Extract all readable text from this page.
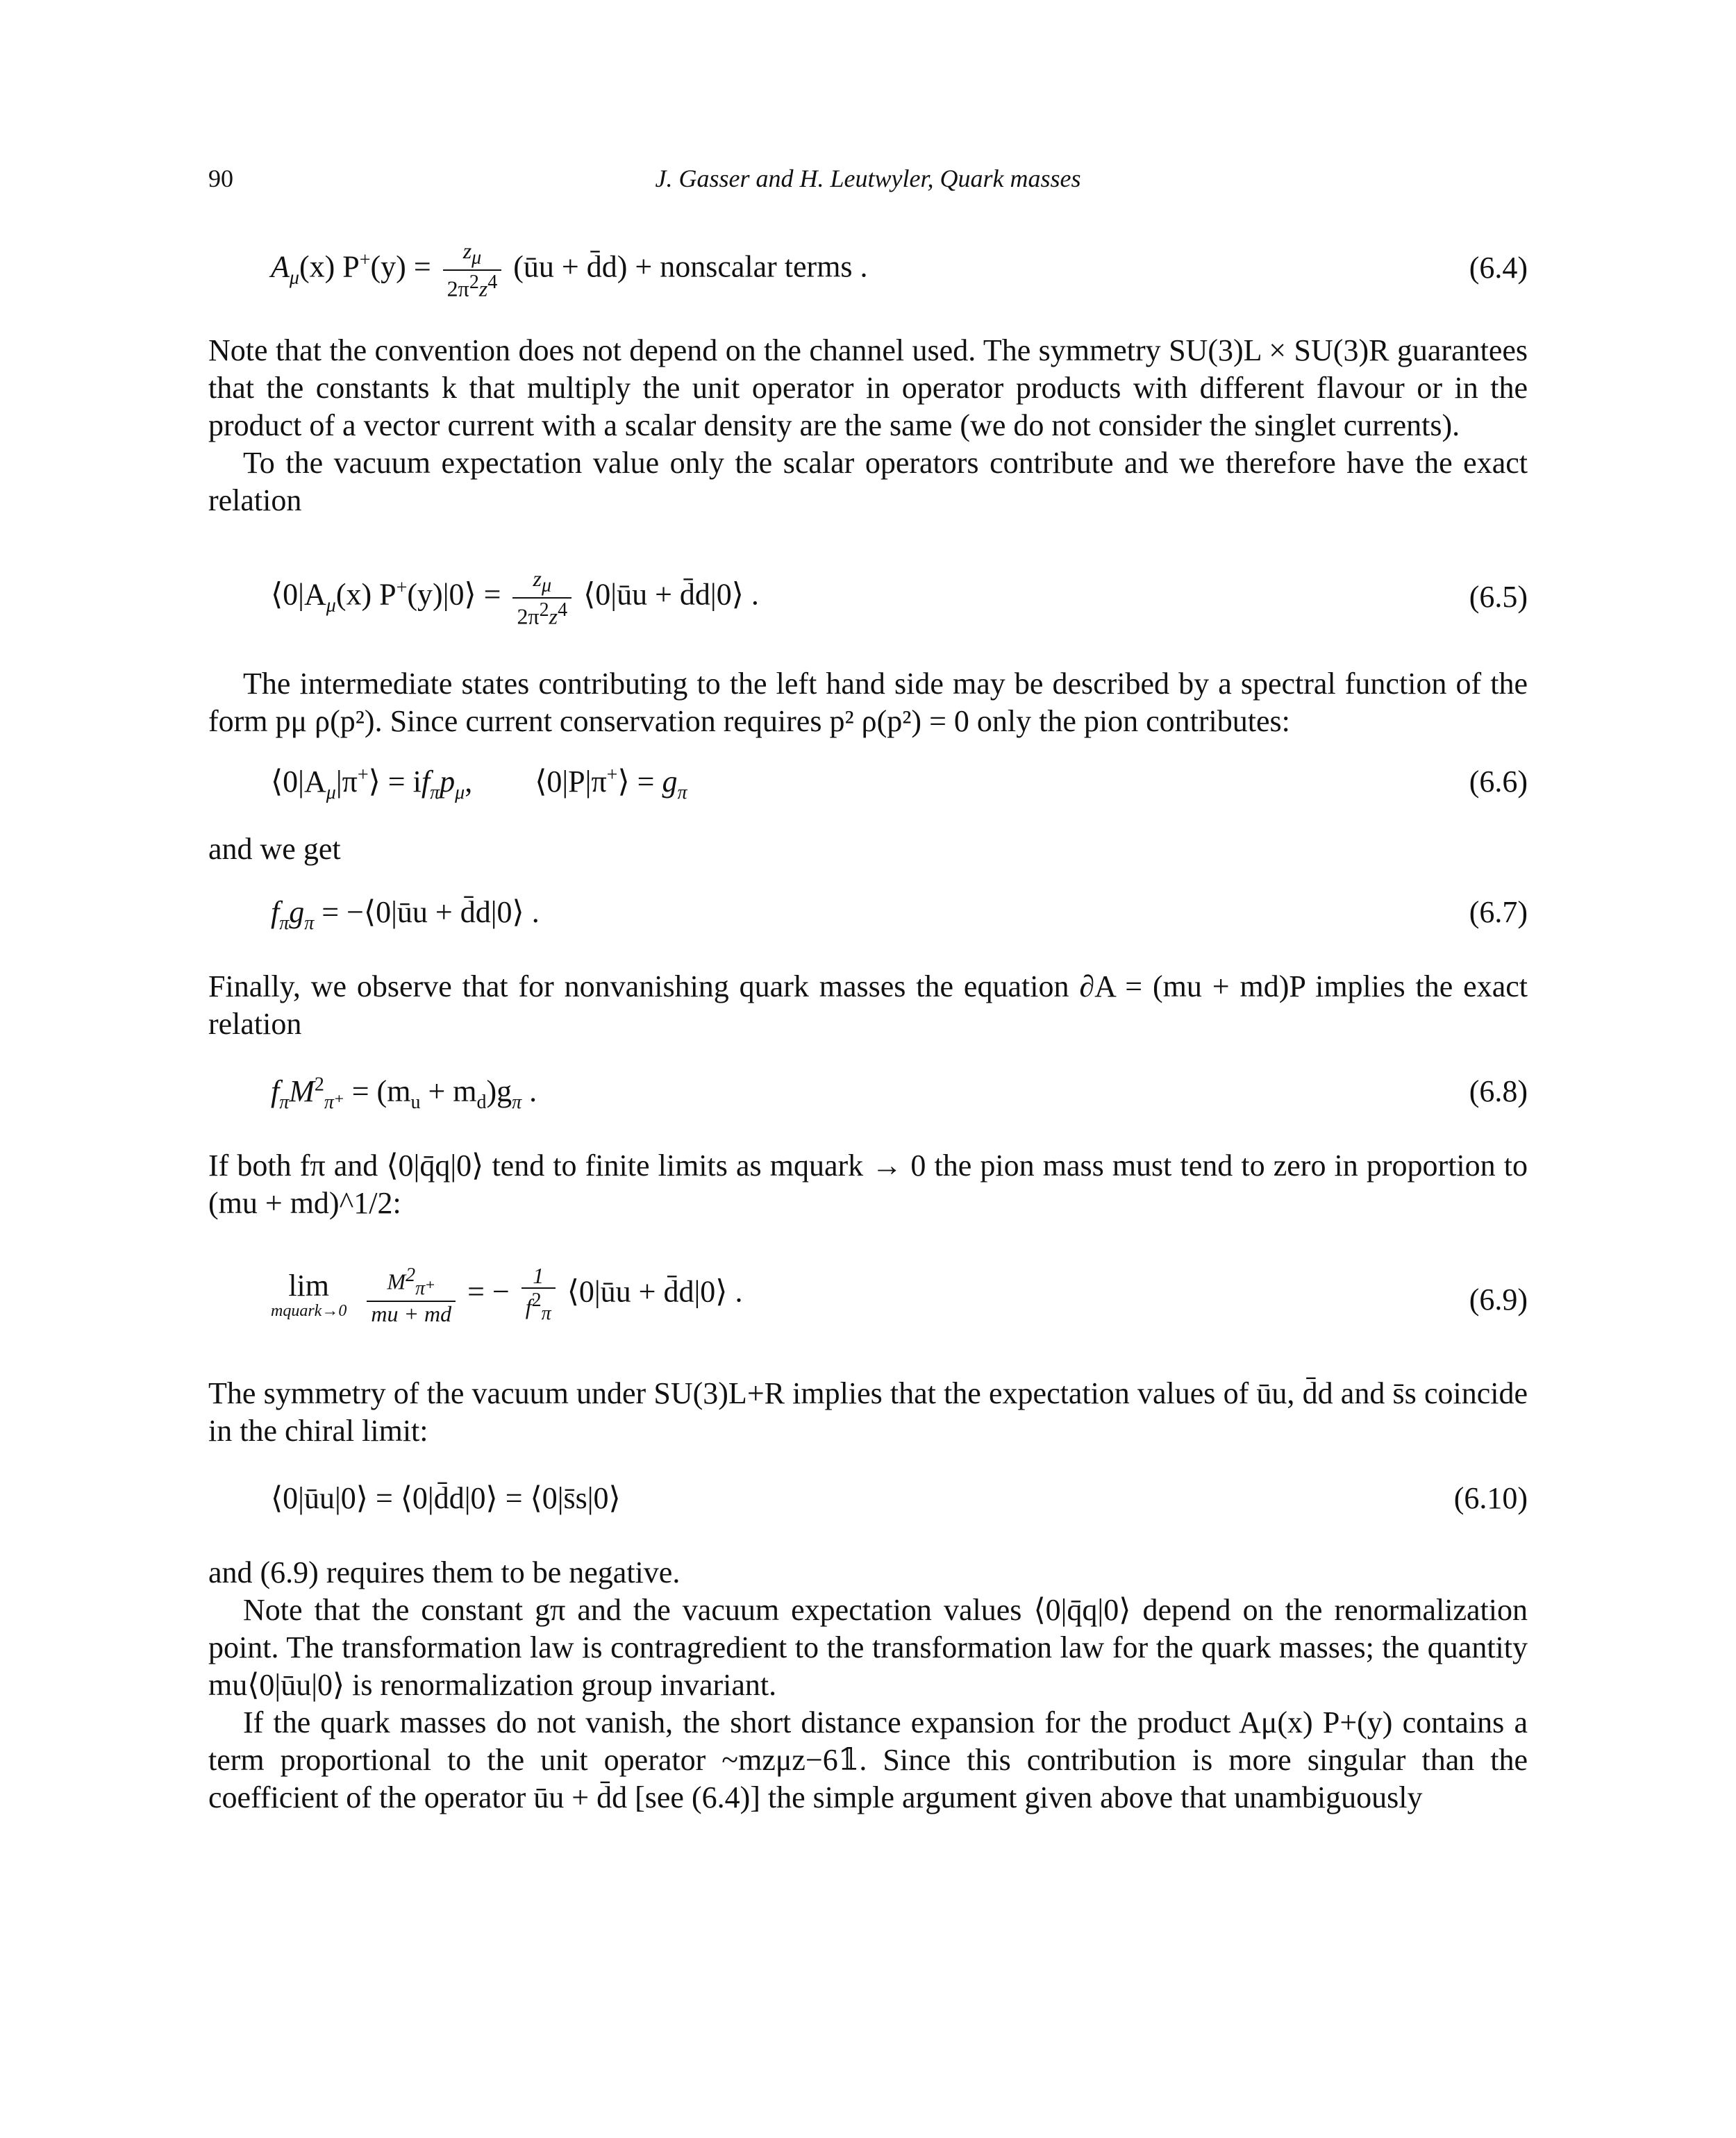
90	J. Gasser and H. Leutwyler, Quark masses
$A_\mu(x) P^+(y) = \frac{z\mu}{2\pi 2z4}$ (ūu + d̄d) + nonscalar terms .	(6.4)

Note that the convention does not depend on the channel used. The symmetry SU(3)L × SU(3)R guarantees that the constants k that multiply the unit operator in operator products with different flavour or in the product of a vector current with a scalar density are the same (we do not consider the singlet currents).

To the vacuum expectation value only the scalar operators contribute and we therefore have the exact relation

$⟨0|A_\mu(x)$ P+(y)|0⟩ = $\frac{z\mu}{2\pi 2z4}$ ⟨0|ūu + d̄d|0⟩ .	(6.5)

The intermediate states contributing to the left hand side may be described by a spectral function of the form pμ ρ(p²). Since current conservation requires p² ρ(p²) = 0 only the pion contributes:

$⟨0|A_\mu|\pi^+⟩ = if_\pi p_\mu$, ⟨0|P|π+⟩ = $g_\pi$	(6.6)

and we get

$f_\pi g_\pi$ = −⟨0|ūu + d̄d|0⟩ .	(6.7)

Finally, we observe that for nonvanishing quark masses the equation ∂A = (mu + md)P implies the exact relation

$f_\pi M^2_{\pi^+} = (m_u + m_d)g_\pi$ .	(6.8)

If both fπ and ⟨0|q̄q|0⟩ tend to finite limits as mquark → 0 the pion mass must tend to zero in proportion to (mu + md)^1/2:

lim
mquark→0
$\frac{M2\pi^+}{mu + md}$ = − $\frac{1}{f2\pi}$ ⟨0|ūu + d̄d|0⟩ .	(6.9)

The symmetry of the vacuum under SU(3)L+R implies that the expectation values of ūu, d̄d and s̄s coincide in the chiral limit:

⟨0|ūu|0⟩ = ⟨0|d̄d|0⟩ = ⟨0|s̄s|0⟩	(6.10)

and (6.9) requires them to be negative.

Note that the constant gπ and the vacuum expectation values ⟨0|q̄q|0⟩ depend on the renormalization point. The transformation law is contragredient to the transformation law for the quark masses; the quantity mu⟨0|ūu|0⟩ is renormalization group invariant.

If the quark masses do not vanish, the short distance expansion for the product Aμ(x) P+(y) contains a term proportional to the unit operator ~mzμz−6𝟙. Since this contribution is more singular than the coefficient of the operator ūu + d̄d [see (6.4)] the simple argument given above that unambiguously
